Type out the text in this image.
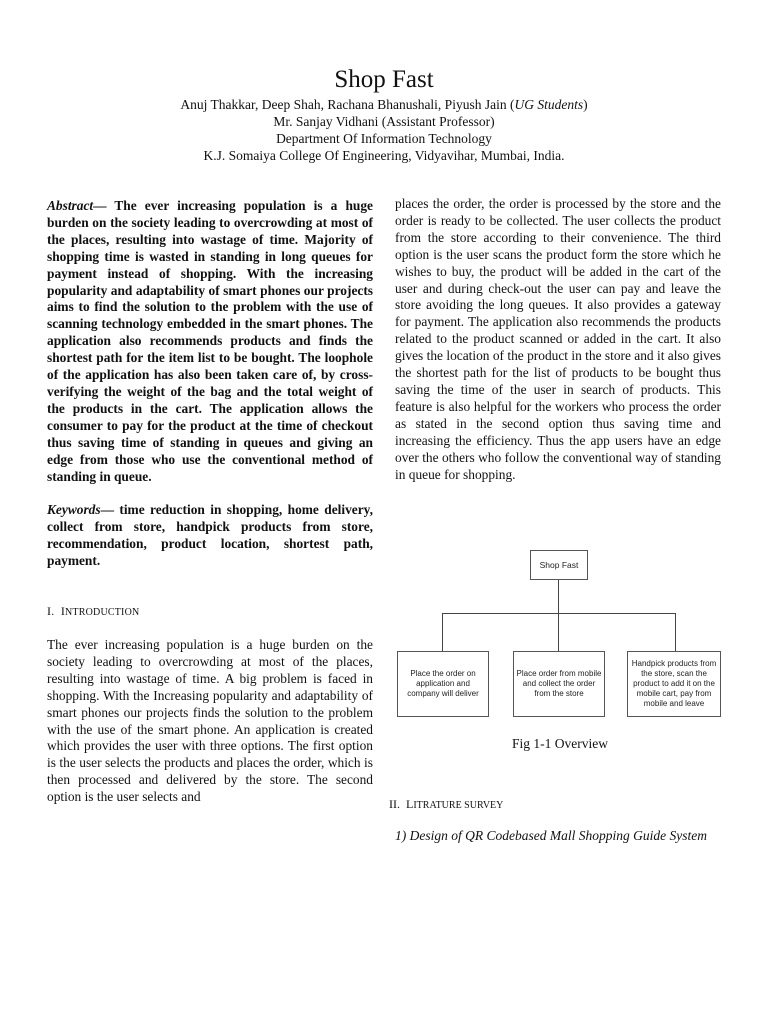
Shop Fast
Anuj Thakkar, Deep Shah, Rachana Bhanushali, Piyush Jain (UG Students)
Mr. Sanjay Vidhani (Assistant Professor)
Department Of Information Technology
K.J. Somaiya College Of Engineering, Vidyavihar, Mumbai, India.

Abstract— The ever increasing population is a huge burden on the society leading to overcrowding at most of the places, resulting into wastage of time. Majority of shopping time is wasted in standing in long queues for payment instead of shopping. With the increasing popularity and adaptability of smart phones our projects aims to find the solution to the problem with the use of scanning technology embedded in the smart phones. The application also recommends products and finds the shortest path for the item list to be bought. The loophole of the application has also been taken care of, by cross-verifying the weight of the bag and the total weight of the products in the cart. The application allows the consumer to pay for the product at the time of checkout thus saving time of standing in queues and giving an edge from those who use the conventional method of standing in queue.

Keywords— time reduction in shopping, home delivery, collect from store, handpick products from store, recommendation, product location, shortest path, payment.

I. INTRODUCTION

The ever increasing population is a huge burden on the society leading to overcrowding at most of the places, resulting into wastage of time. A big problem is faced in shopping. With the Increasing popularity and adaptability of smart phones our projects finds the solution to the problem with the use of the smart phone. An application is created which provides the user with three options. The first option is the user selects the products and places the order, which is then processed and delivered by the store. The second option is the user selects and

places the order, the order is processed by the store and the order is ready to be collected. The user collects the product from the store according to their convenience. The third option is the user scans the product form the store which he wishes to buy, the product will be added in the cart of the user and during check-out the user can pay and leave the store avoiding the long queues. It also provides a gateway for payment. The application also recommends the products related to the product scanned or added in the cart. It also gives the location of the product in the store and it also gives the shortest path for the list of products to be bought thus saving the time of the user in search of products. This feature is also helpful for the workers who process the order as stated in the second option thus saving time and increasing the efficiency. Thus the app users have an edge over the others who follow the conventional way of standing in queue for shopping.

Shop Fast
Place the order on application and company will deliver
Place order from mobile and collect the order from the store
Handpick products from the store, scan the product to add it on the mobile cart, pay from mobile and leave
Fig 1-1 Overview
II. LITRATURE SURVEY
1) Design of QR Codebased Mall Shopping Guide System
